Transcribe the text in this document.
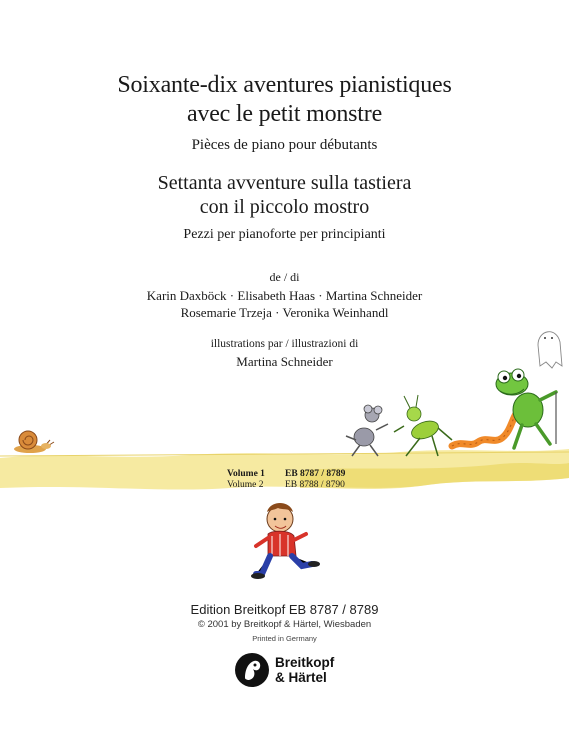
Soixante-dix aventures pianistiques
avec le petit monstre
Pièces de piano pour débutants
Settanta avventure sulla tastiera
con il piccolo mostro
Pezzi per pianoforte per principianti
de / di
Karin Daxböck · Elisabeth Haas · Martina Schneider
Rosemarie Trzeja · Veronika Weinhandl
illustrations par / illustrazioni di
Martina Schneider
Volume 1	EB 8787 / 8789
Volume 2	EB 8788 / 8790
Edition Breitkopf EB 8787 / 8789
© 2001 by Breitkopf & Härtel, Wiesbaden
Printed in Germany
Breitkopf
& Härtel
